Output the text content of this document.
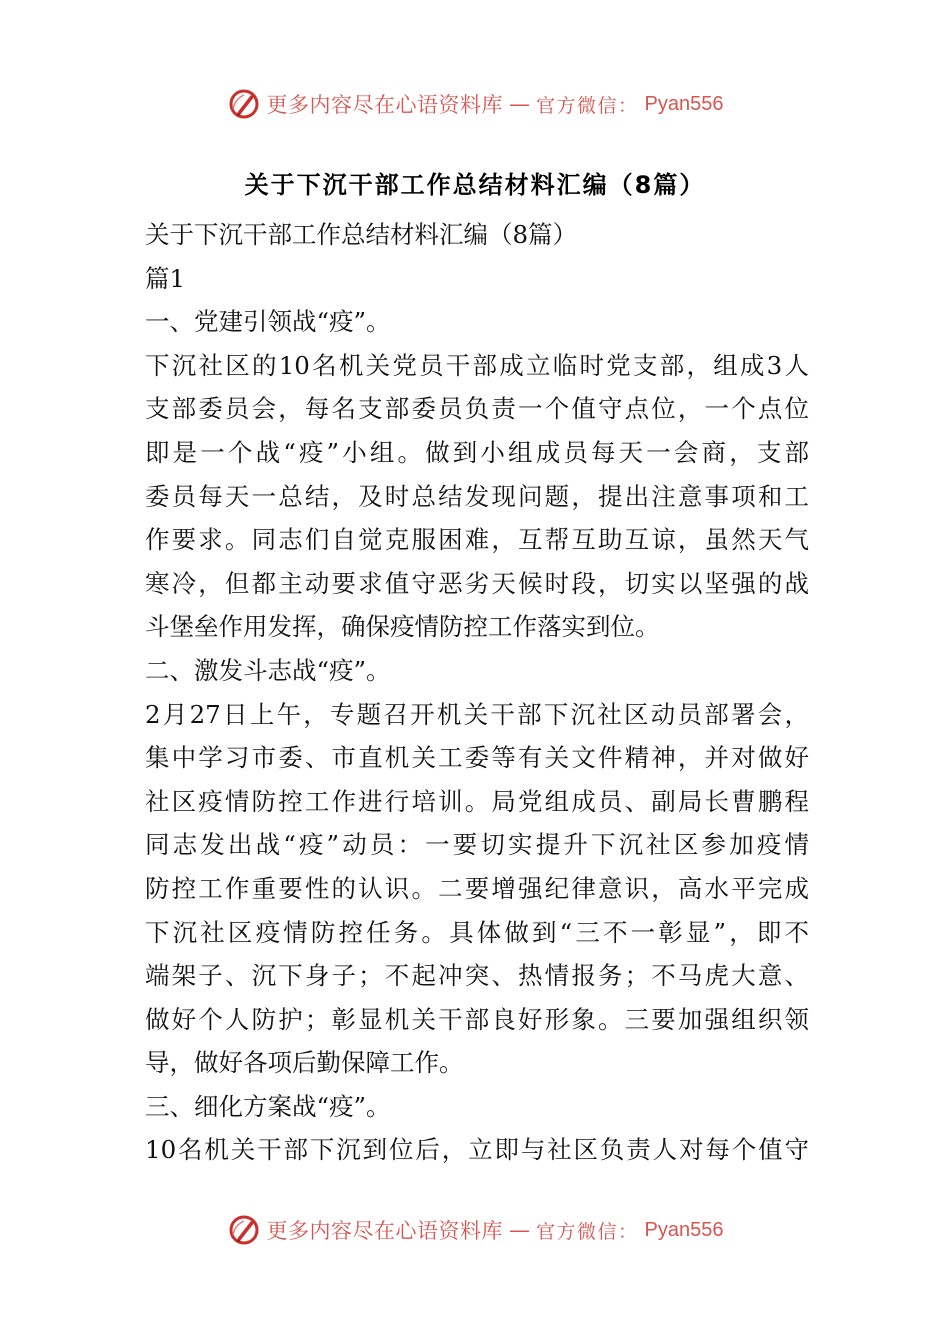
更多内容尽在心语资料库 — 官方微信： Pyan556
关于下沉干部工作总结材料汇编（8篇）
关于下沉干部工作总结材料汇编（8篇）
篇1
一、党建引领战“疫”。
下沉社区的10名机关党员干部成立临时党支部，组成3人
支部委员会，每名支部委员负责一个值守点位，一个点位
即是一个战“疫”小组。做到小组成员每天一会商，支部
委员每天一总结，及时总结发现问题，提出注意事项和工
作要求。同志们自觉克服困难，互帮互助互谅，虽然天气
寒冷，但都主动要求值守恶劣天候时段，切实以坚强的战
斗堡垒作用发挥，确保疫情防控工作落实到位。
二、激发斗志战“疫”。
2月27日上午，专题召开机关干部下沉社区动员部署会，
集中学习市委、市直机关工委等有关文件精神，并对做好
社区疫情防控工作进行培训。局党组成员、副局长曹鹏程
同志发出战“疫”动员：一要切实提升下沉社区参加疫情
防控工作重要性的认识。二要增强纪律意识，高水平完成
下沉社区疫情防控任务。具体做到“三不一彰显”，即不
端架子、沉下身子；不起冲突、热情报务；不马虎大意、
做好个人防护；彰显机关干部良好形象。三要加强组织领
导，做好各项后勤保障工作。
三、细化方案战“疫”。
10名机关干部下沉到位后，立即与社区负责人对每个值守
更多内容尽在心语资料库 — 官方微信： Pyan556
